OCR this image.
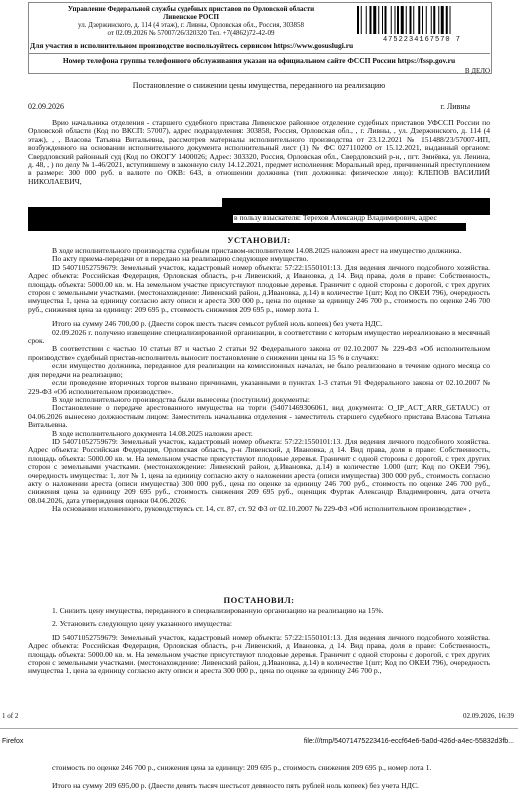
Управление Федеральной службы судебных приставов по Орловской области
Ливенское РОСП
ул. Дзержинского, д. 114 (4 этаж), г. Ливны, Орловская обл., Россия, 303858
от 02.09.2026 № 57007/26/320320 Тел. +7(4862)72-42-09
4752234167570 7
Для участия в исполнительном производстве воспользуйтесь сервисом https://www.gosuslugi.ru
Номер телефона группы телефонного обслуживания указан на официальном сайте ФССП России https://fssp.gov.ru
В ДЕЛО
Постановление о снижении цены имущества, переданного на реализацию
02.09.2026	г. Ливны

Врио начальника отделения - старшего судебного пристава Ливенское районное отделение судебных приставов УФССП России по Орловской области (Код по ВКСП: 57007), адрес подразделения: 303858, Россия, Орловская обл., , г. Ливны, , ул. Дзержинского, д. 114 (4 этаж), , , Власова Татьяна Витальевна, рассмотрев материалы исполнительного производства от 23.12.2021 № 151488/23/57007-ИП, возбужденного на основании исполнительного документа исполнительный лист (1) № ФС 027110200 от 15.12.2021, выданный органом: Свердловский районный суд (Код по ОКОГУ 1400026; Адрес: 303320, Россия, Орловская обл., Свердловский р-н, , пгт. Змиёвка, ул. Ленина, д. 48, , ) по делу № 1-46/2021, вступившему в законную силу 14.12.2021, предмет исполнения: Моральный вред, причиненный преступлением в размере: 300 000 руб. в валюте по ОКВ: 643, в отношении должника (тип должника: физическое лицо): КЛЕПОВ ВАСИЛИЙ НИКОЛАЕВИЧ,

в пользу взыскателя: Терехов Александр Владимирович, адрес

УСТАНОВИЛ:

В ходе исполнительного производства судебным приставом-исполнителем 14.08.2025 наложен арест на имущество должника.

По акту приема-передачи от в передано на реализацию следующее имущество.

ID 54071052759679: Земельный участок, кадастровый номер объекта: 57:22:1550101:13. Для ведения личного подсобного хозяйства. Адрес объекта: Российская Федерация, Орловская область, р-н Ливенский, д Ивановка, д 14. Вид права, доля в праве: Собственность, площадь объекта: 5000.00 кв. м. На земельном участке присутствуют плодовые деревья. Граничит с одной стороны с дорогой, с трех других сторон с земельными участками. (местонахождение: Ливенский район, д.Ивановка, д.14) в количестве 1(шт; Код по ОКЕИ 796), очередность имущества 1, цена за единицу согласно акту описи и ареста 300 000 р., цена по оценке за единицу 246 700 р., стоимость по оценке 246 700 руб., снижения цена за единицу: 209 695 р., стоимость снижения 209 695 р., номер лота 1.

Итого на сумму 246 700,00 р. (Двести сорок шесть тысяч семьсот рублей ноль копеек) без учета НДС.

02.09.2026 г. получено извещение специализированной организации, в соответствии с которым имущество нереализовано в месячный срок.

В соответствии с частью 10 статьи 87 и частью 2 статьи 92 Федерального закона от 02.10.2007 № 229-ФЗ «Об исполнительном производстве» судебный пристав-исполнитель выносит постановление о снижении цены на 15 % в случаях:

если имущество должника, переданное для реализации на комиссионных началах, не было реализовано в течение одного месяца со дня передачи на реализацию;

если проведение вторичных торгов вызвано причинами, указанными в пунктах 1-3 статьи 91 Федерального закона от 02.10.2007 № 229-ФЗ «Об исполнительном производстве».

В ходе исполнительного производства были вынесены (поступили) документы:

Постановление о передаче арестованного имущества на торги (54071469306061, вид документа: O_IP_ACT_ARR_GETAUC) от 04.06.2026 вынесено должностным лицом: Заместитель начальника отделения - заместитель старшего судебного пристава Власова Татьяна Витальевна.

В ходе исполнительного документа 14.08.2025 наложен арест.

ID 54071052759679: Земельный участок, кадастровый номер объекта: 57:22:1550101:13. Для ведения личного подсобного хозяйства. Адрес объекта: Российская Федерация, Орловская область, р-н Ливенский, д Ивановка, д 14. Вид права, доля в праве: Собственность, площадь объекта: 5000.00 кв. м. На земельном участке присутствуют плодовые деревья. Граничит с одной стороны с дорогой, с трех других сторон с земельными участками. (местонахождение: Ливенский район, д.Ивановка, д.14) в количестве 1.000 (шт; Код по ОКЕИ 796), очередность имущества: 1, лот № 1, цена за единицу согласно акту о наложении ареста (описи имущества) 300 000 руб., стоимость согласно акту о наложении ареста (описи имущества) 300 000 руб., цена по оценке за единицу 246 700 руб., стоимость по оценке 246 700 руб., снижения цена за единицу 209 695 руб., стоимость снижения 209 695 руб., оценщик Фуртак Александр Владимирович, дата отчета 08.04.2026, дата утверждения оценки 04.06.2026.

На основании изложенного, руководствуясь ст. 14, ст. 87, ст. 92 ФЗ от 02.10.2007 № 229-ФЗ «Об исполнительном производстве» ,

ПОСТАНОВИЛ:

1. Снизить цену имущества, переданного в специализированную организацию на реализацию на 15%.

2. Установить следующую цену указанного имущества:

ID 54071052759679: Земельный участок, кадастровый номер объекта: 57:22:1550101:13. Для ведения личного подсобного хозяйства. Адрес объекта: Российская Федерация, Орловская область, р-н Ливенский, д Ивановка, д 14. Вид права, доля в праве: Собственность, площадь объекта: 5000.00 кв. м. На земельном участке присутствуют плодовые деревья. Граничит с одной стороны с дорогой, с трех других сторон с земельными участками. (местонахождение: Ливенский район, д.Ивановка, д.14) в количестве 1(шт; Код по ОКЕИ 796), очередность имущества 1, цена за единицу согласно акту описи и ареста 300 000 р., цена по оценке за единицу 246 700 р.,

1 of 2	02.09.2026, 16:39
Firefox	file:///tmp/54071475223416-eccf64e6-5a0d-426d-a4ec-55832d3fb...

стоимость по оценке 246 700 р., снижения цена за единицу: 209 695 р., стоимость снижения 209 695 р., номер лота 1.

Итого на сумму 209 695,00 р. (Двести девять тысяч шестьсот девяносто пять рублей ноль копеек) без учета НДС.
